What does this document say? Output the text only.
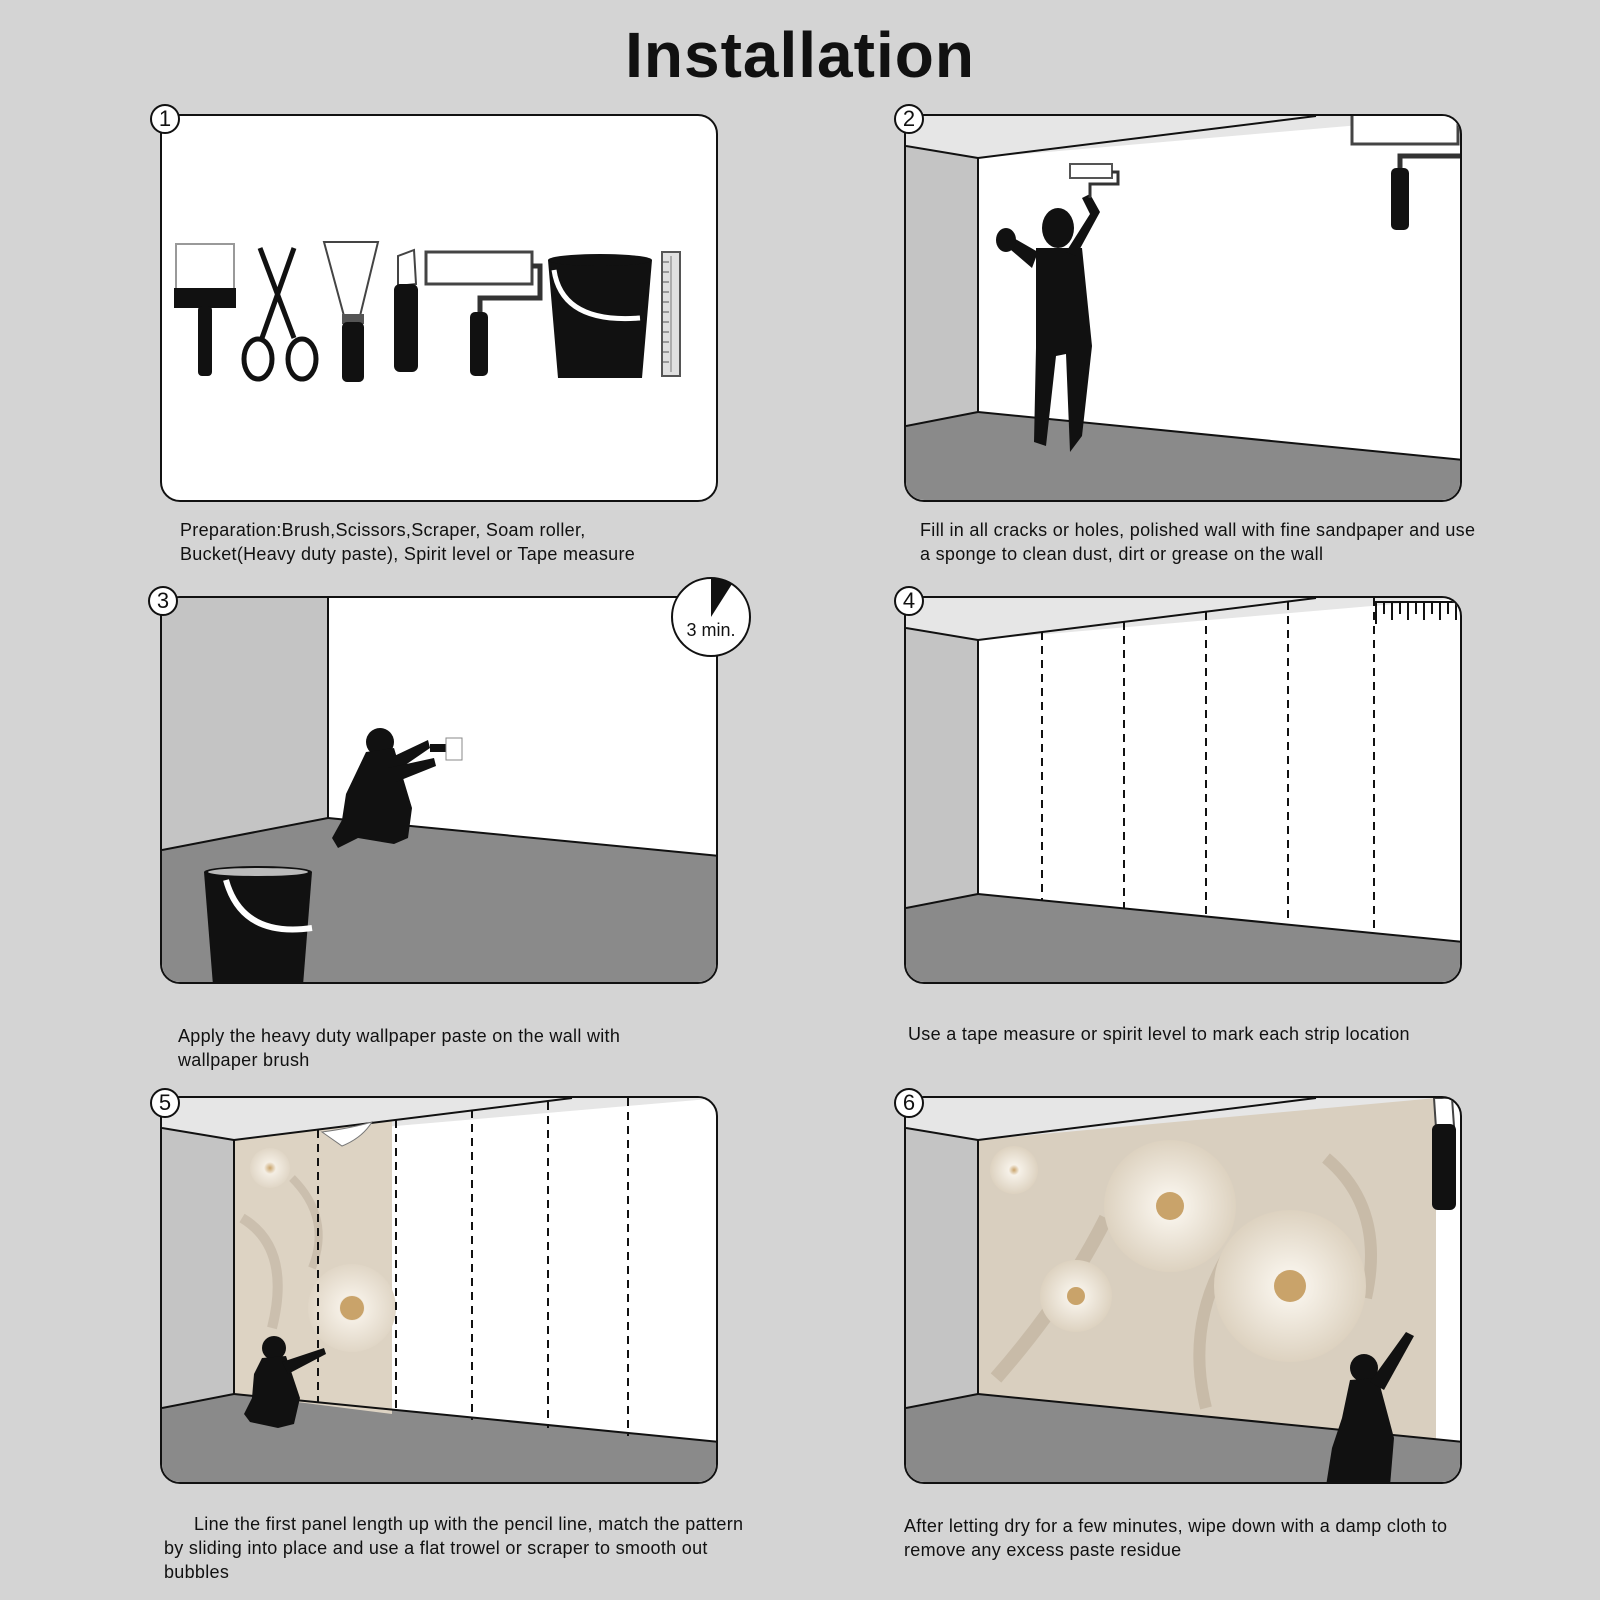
Installation
1
Preparation:Brush,Scissors,Scraper, Soam roller, Bucket(Heavy duty paste), Spirit level or Tape measure
2
Fill in all cracks or holes, polished wall with fine sandpaper and use a sponge to clean dust, dirt or grease on the wall
3 min.
3
Apply the heavy duty wallpaper paste on the wall with wallpaper brush
4
Use a tape measure or spirit level to mark each strip location
5
Line the first panel length up with the pencil line, match the pattern by sliding into place and use a flat trowel or scraper to smooth out bubbles
6
After letting dry for a few minutes, wipe down with a damp cloth to remove any excess paste residue
